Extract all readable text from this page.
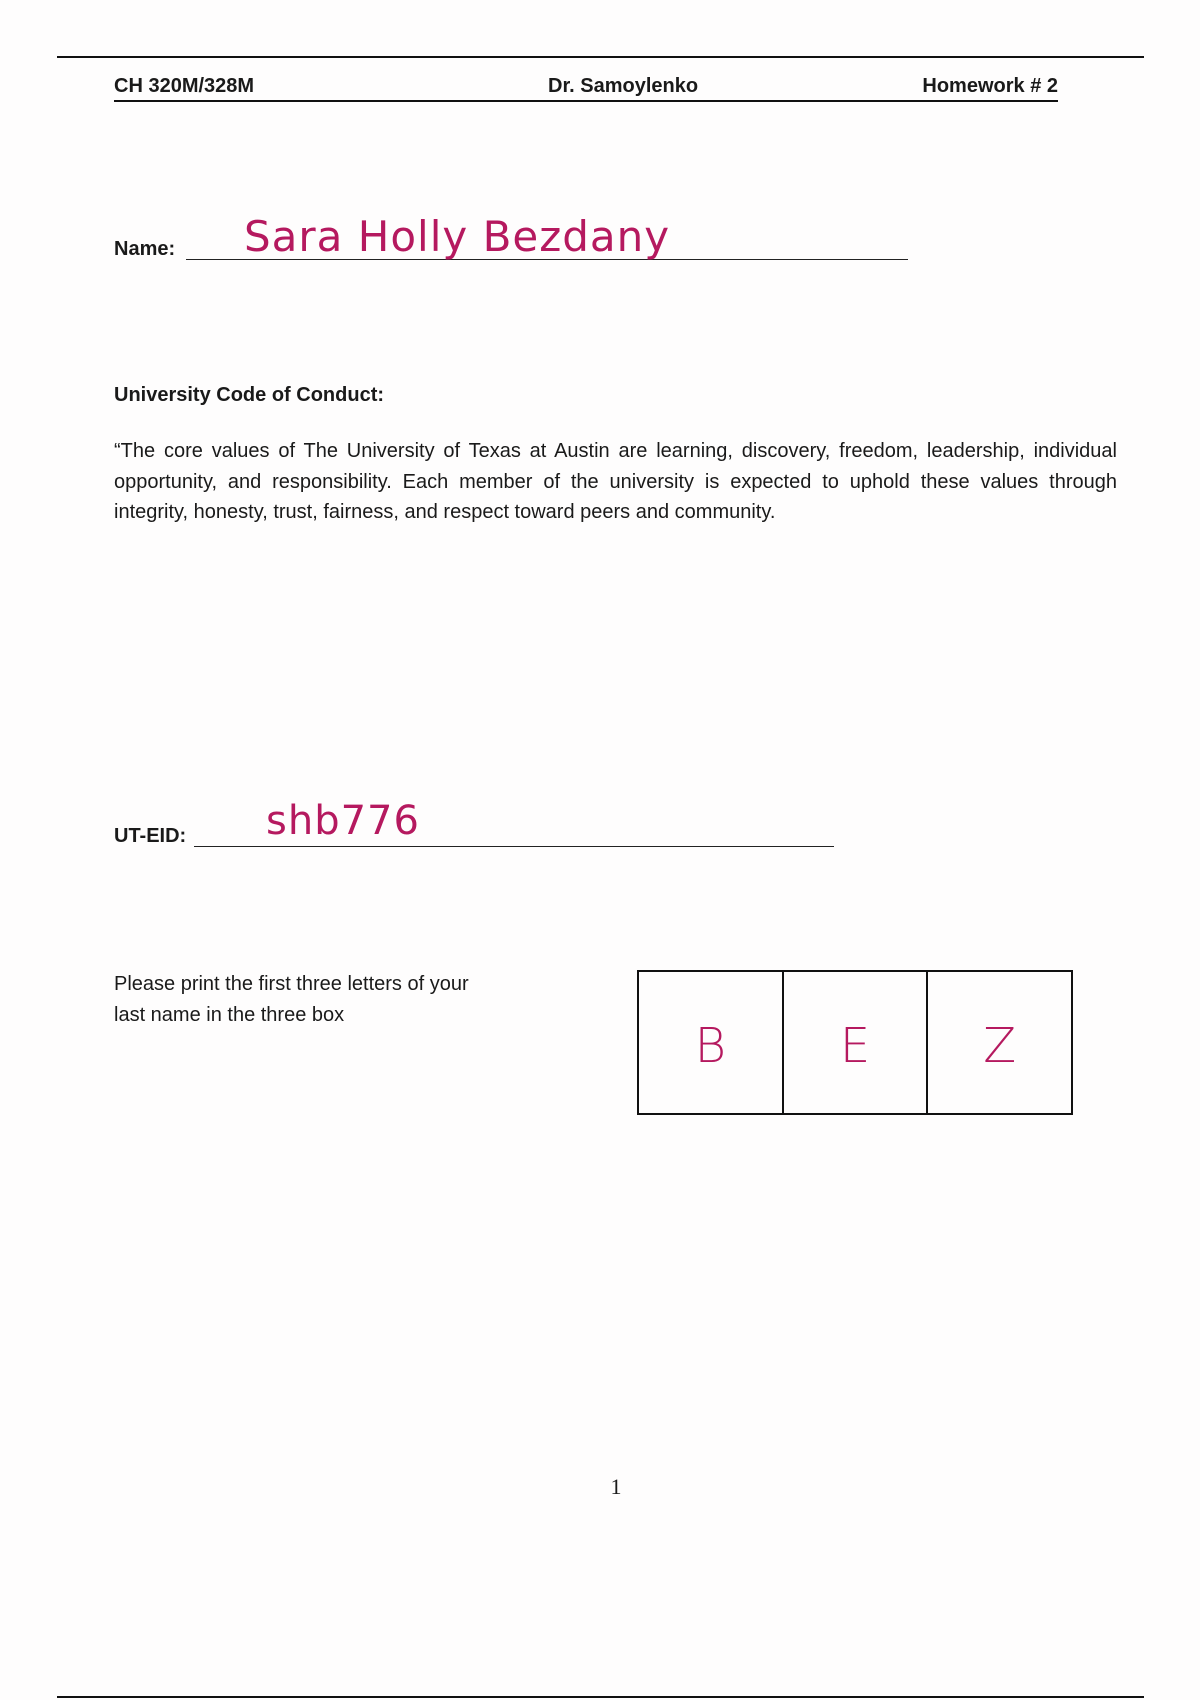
CH 320M/328M	Dr. Samoylenko	Homework # 2
Name: Sara Holly Bezdany
University Code of Conduct:
“The core values of The University of Texas at Austin are learning, discovery, freedom, leadership, individual opportunity, and responsibility. Each member of the university is expected to uphold these values through integrity, honesty, trust, fairness, and respect toward peers and community.
UT-EID: shb776
Please print the first three letters of your last name in the three box
B E Z
1
